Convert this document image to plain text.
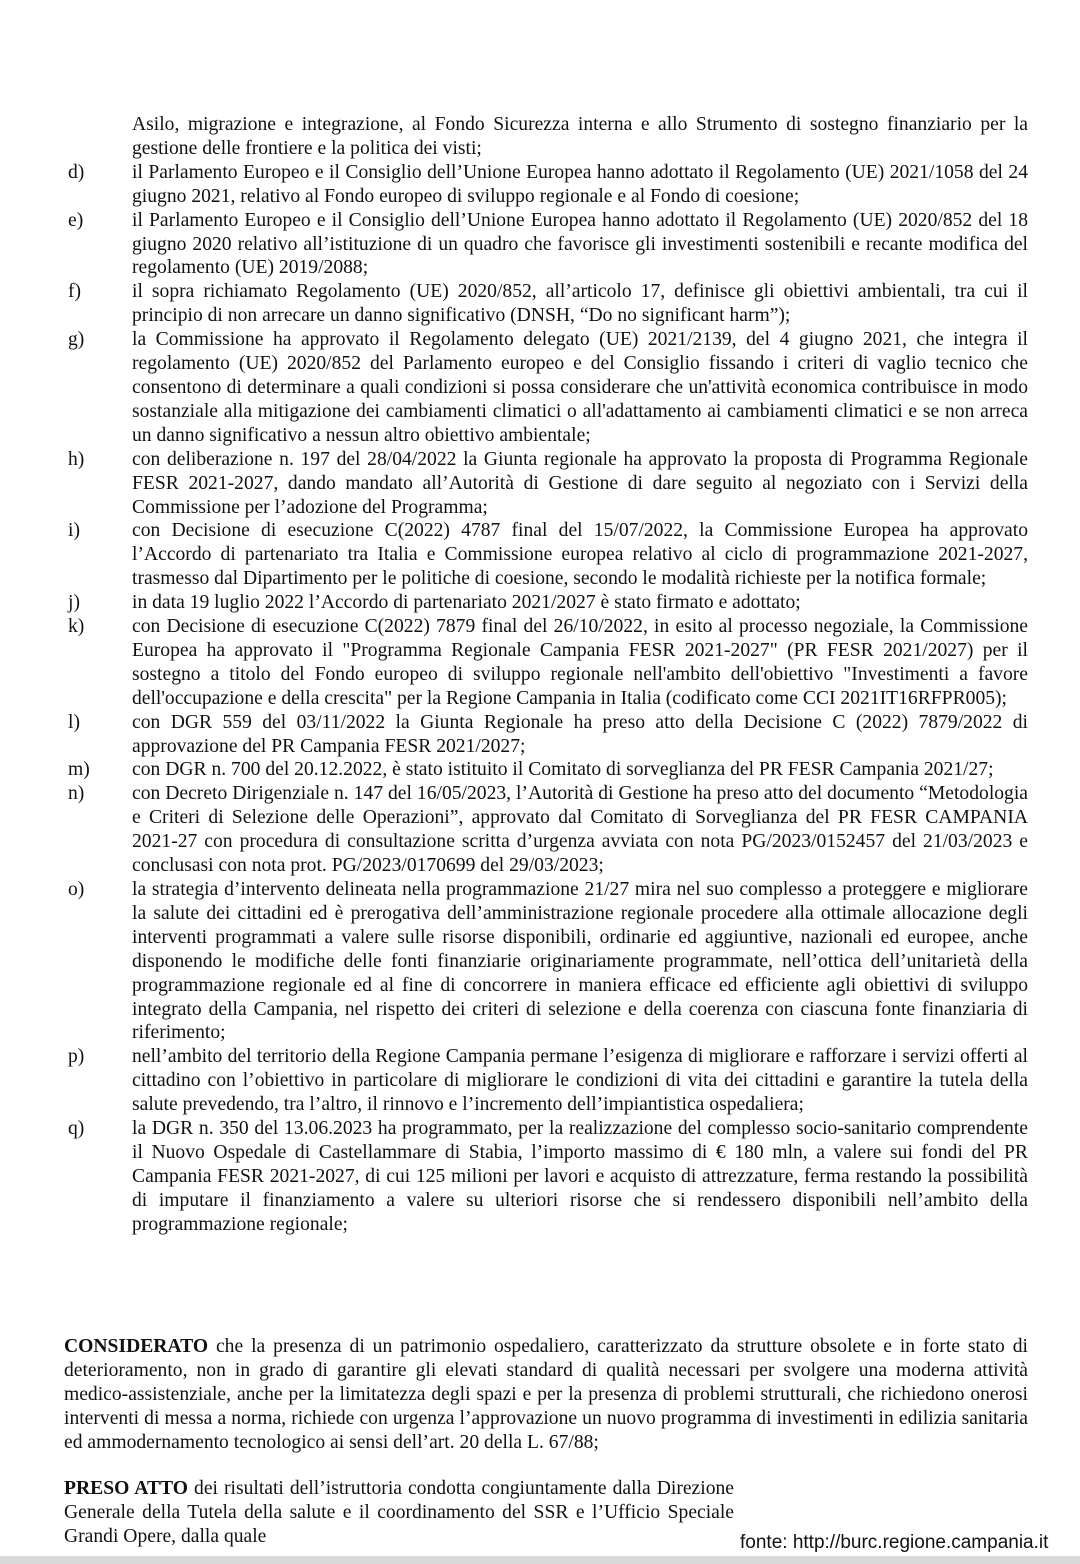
Asilo, migrazione e integrazione, al Fondo Sicurezza interna e allo Strumento di sostegno finanziario per la gestione delle frontiere e la politica dei visti;
d) il Parlamento Europeo e il Consiglio dell’Unione Europea hanno adottato il Regolamento (UE) 2021/1058 del 24 giugno 2021, relativo al Fondo europeo di sviluppo regionale e al Fondo di coesione;
e) il Parlamento Europeo e il Consiglio dell’Unione Europea hanno adottato il Regolamento (UE) 2020/852 del 18 giugno 2020 relativo all’istituzione di un quadro che favorisce gli investimenti sostenibili e recante modifica del regolamento (UE) 2019/2088;
f)	il sopra richiamato Regolamento (UE) 2020/852, all’articolo 17, definisce gli obiettivi ambientali, tra cui il principio di non arrecare un danno significativo (DNSH, “Do no significant harm”);
g) la Commissione ha approvato il Regolamento delegato (UE) 2021/2139, del 4 giugno 2021, che integra il regolamento (UE) 2020/852 del Parlamento europeo e del Consiglio fissando i criteri di vaglio tecnico che consentono di determinare a quali condizioni si possa considerare che un'attività economica contribuisce in modo sostanziale alla mitigazione dei cambiamenti climatici o all'adattamento ai cambiamenti climatici e se non arreca un danno significativo a nessun altro obiettivo ambientale;
h) con deliberazione n. 197 del 28/04/2022 la Giunta regionale ha approvato la proposta di Programma Regionale FESR 2021-2027, dando mandato all’Autorità di Gestione di dare seguito al negoziato con i Servizi della Commissione per l’adozione del Programma;
i)	con Decisione di esecuzione C(2022) 4787 final del 15/07/2022, la Commissione Europea ha approvato l’Accordo di partenariato tra Italia e Commissione europea relativo al ciclo di programmazione 2021-2027, trasmesso dal Dipartimento per le politiche di coesione, secondo le modalità richieste per la notifica formale;
j)	in data 19 luglio 2022 l’Accordo di partenariato 2021/2027 è stato firmato e adottato;
k) con Decisione di esecuzione C(2022) 7879 final del 26/10/2022, in esito al processo negoziale, la Commissione Europea ha approvato il "Programma Regionale Campania FESR 2021-2027" (PR FESR 2021/2027) per il sostegno a titolo del Fondo europeo di sviluppo regionale nell'ambito dell'obiettivo "Investimenti a favore dell'occupazione e della crescita" per la Regione Campania in Italia (codificato come CCI 2021IT16RFPR005);
l)	con DGR 559 del 03/11/2022 la Giunta Regionale ha preso atto della Decisione C (2022) 7879/2022 di approvazione del PR Campania FESR 2021/2027;
m) con DGR n. 700 del 20.12.2022, è stato istituito il Comitato di sorveglianza del PR FESR Campania 2021/27;
n) con Decreto Dirigenziale n. 147 del 16/05/2023, l’Autorità di Gestione ha preso atto del documento “Metodologia e Criteri di Selezione delle Operazioni”, approvato dal Comitato di Sorveglianza del PR FESR CAMPANIA 2021-27 con procedura di consultazione scritta d’urgenza avviata con nota PG/2023/0152457 del 21/03/2023 e conclusasi con nota prot. PG/2023/0170699 del 29/03/2023;
o) la strategia d’intervento delineata nella programmazione 21/27 mira nel suo complesso a proteggere e migliorare la salute dei cittadini ed è prerogativa dell’amministrazione regionale procedere alla ottimale allocazione degli interventi programmati a valere sulle risorse disponibili, ordinarie ed aggiuntive, nazionali ed europee, anche disponendo le modifiche delle fonti finanziarie originariamente programmate, nell’ottica dell’unitarietà della programmazione regionale ed al fine di concorrere in maniera efficace ed efficiente agli obiettivi di sviluppo integrato della Campania, nel rispetto dei criteri di selezione e della coerenza con ciascuna fonte finanziaria di riferimento;
p) nell’ambito del territorio della Regione Campania permane l’esigenza di migliorare e rafforzare i servizi offerti al cittadino con l’obiettivo in particolare di migliorare le condizioni di vita dei cittadini e garantire la tutela della salute prevedendo, tra l’altro, il rinnovo e l’incremento dell’impiantistica ospedaliera;
q) la DGR n. 350 del 13.06.2023 ha programmato, per la realizzazione del complesso socio-sanitario comprendente il Nuovo Ospedale di Castellammare di Stabia, l’importo massimo di € 180 mln, a valere sui fondi del PR Campania FESR 2021-2027, di cui 125 milioni per lavori e acquisto di attrezzature, ferma restando la possibilità di imputare il finanziamento a valere su ulteriori risorse che si rendessero disponibili nell’ambito della programmazione regionale;
CONSIDERATO che la presenza di un patrimonio ospedaliero, caratterizzato da strutture obsolete e in forte stato di deterioramento, non in grado di garantire gli elevati standard di qualità necessari per svolgere una moderna attività medico-assistenziale, anche per la limitatezza degli spazi e per la presenza di problemi strutturali, che richiedono onerosi interventi di messa a norma, richiede con urgenza l’approvazione un nuovo programma di investimenti in edilizia sanitaria ed ammodernamento tecnologico ai sensi dell’art. 20 della L. 67/88;
PRESO ATTO dei risultati dell’istruttoria condotta congiuntamente dalla Direzione Generale della Tutela della salute e il coordinamento del SSR e l’Ufficio Speciale Grandi Opere, dalla quale	fonte: http://burc.regione.campania.it
